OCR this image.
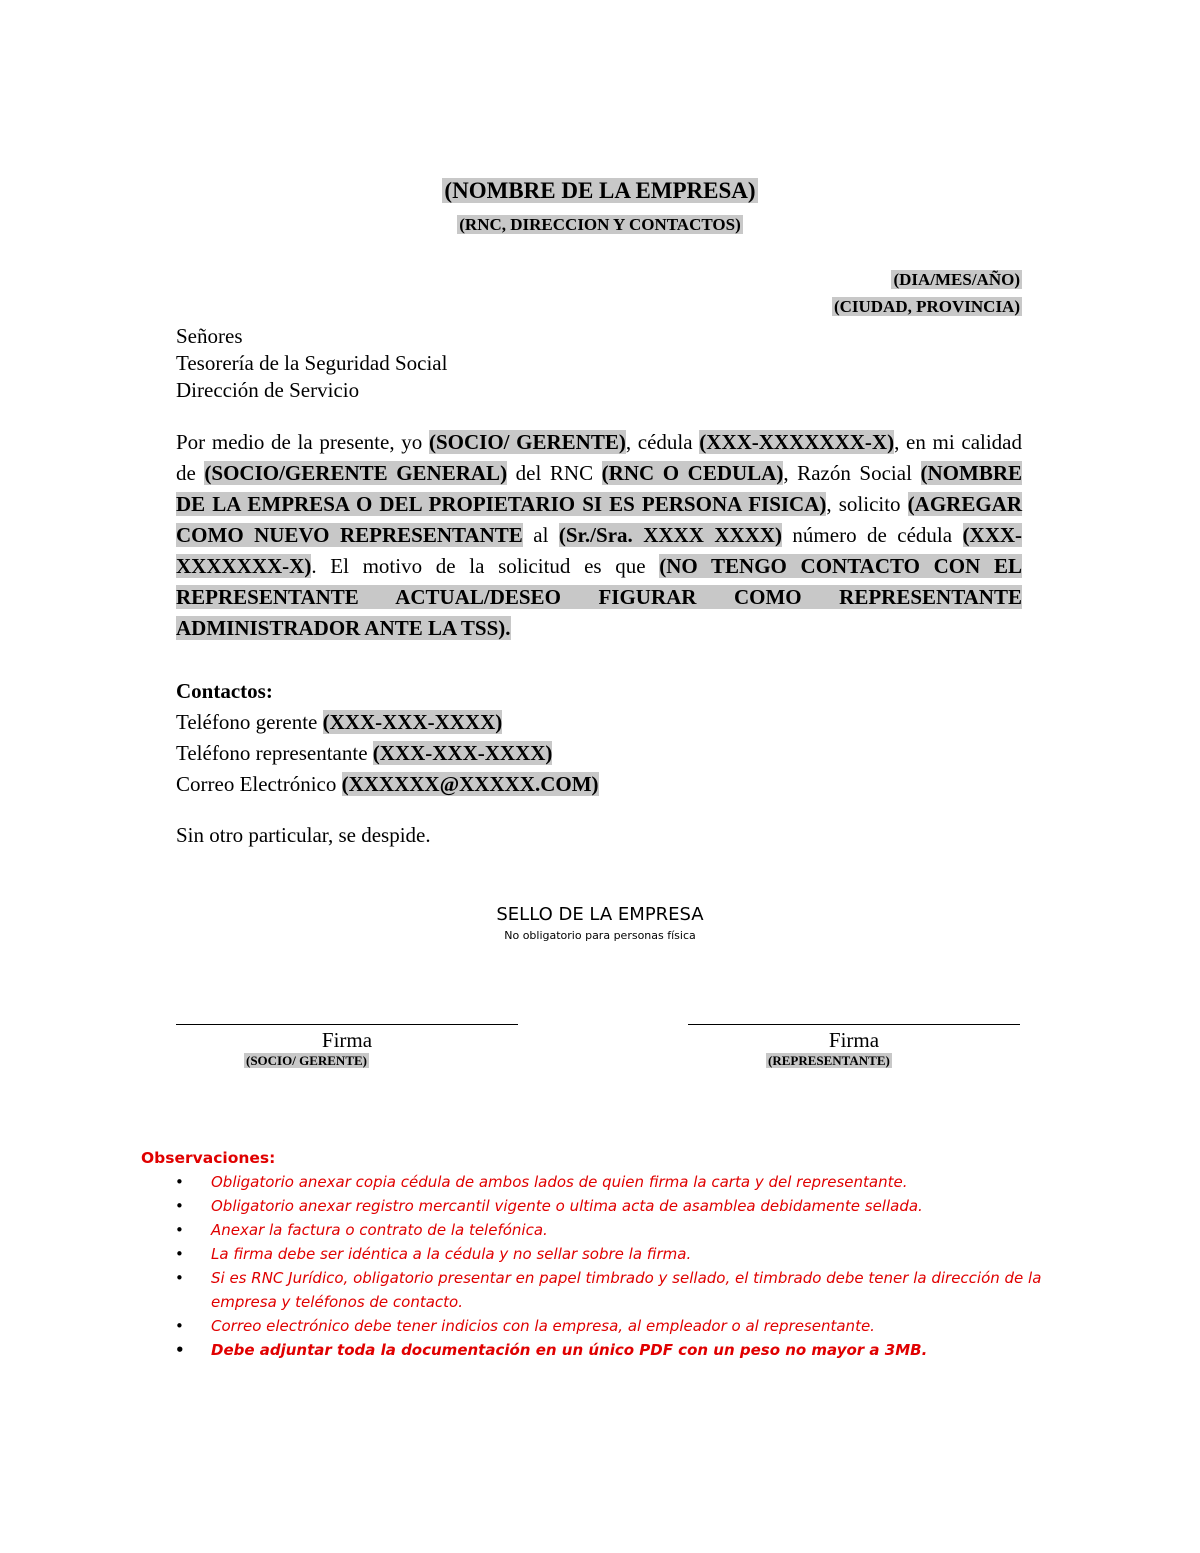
(NOMBRE DE LA EMPRESA)
(RNC, DIRECCION Y CONTACTOS)
(DIA/MES/AÑO)
(CIUDAD, PROVINCIA)
Señores
Tesorería de la Seguridad Social
Dirección de Servicio
Por medio de la presente, yo (SOCIO/ GERENTE), cédula (XXX-XXXXXXX-X), en mi calidad de (SOCIO/GERENTE GENERAL) del RNC (RNC O CEDULA), Razón Social (NOMBRE DE LA EMPRESA O DEL PROPIETARIO SI ES PERSONA FISICA), solicito (AGREGAR COMO NUEVO REPRESENTANTE al (Sr./Sra. XXXX XXXX) número de cédula (XXX-XXXXXXX-X). El motivo de la solicitud es que (NO TENGO CONTACTO CON EL REPRESENTANTE ACTUAL/DESEO FIGURAR COMO REPRESENTANTE ADMINISTRADOR ANTE LA TSS).
Contactos:
Teléfono gerente (XXX-XXX-XXXX)
Teléfono representante (XXX-XXX-XXXX)
Correo Electrónico (XXXXXX@XXXXX.COM)
Sin otro particular, se despide.
SELLO DE LA EMPRESA
No obligatorio para personas física
Firma
(SOCIO/ GERENTE)
Firma
(REPRESENTANTE)
Observaciones:
• Obligatorio anexar copia cédula de ambos lados de quien firma la carta y del representante.
• Obligatorio anexar registro mercantil vigente o ultima acta de asamblea debidamente sellada.
• Anexar la factura o contrato de la telefónica.
• La firma debe ser idéntica a la cédula y no sellar sobre la firma.
• Si es RNC Jurídico, obligatorio presentar en papel timbrado y sellado, el timbrado debe tener la dirección de la empresa y teléfonos de contacto.
• Correo electrónico debe tener indicios con la empresa, al empleador o al representante.
• Debe adjuntar toda la documentación en un único PDF con un peso no mayor a 3MB.
